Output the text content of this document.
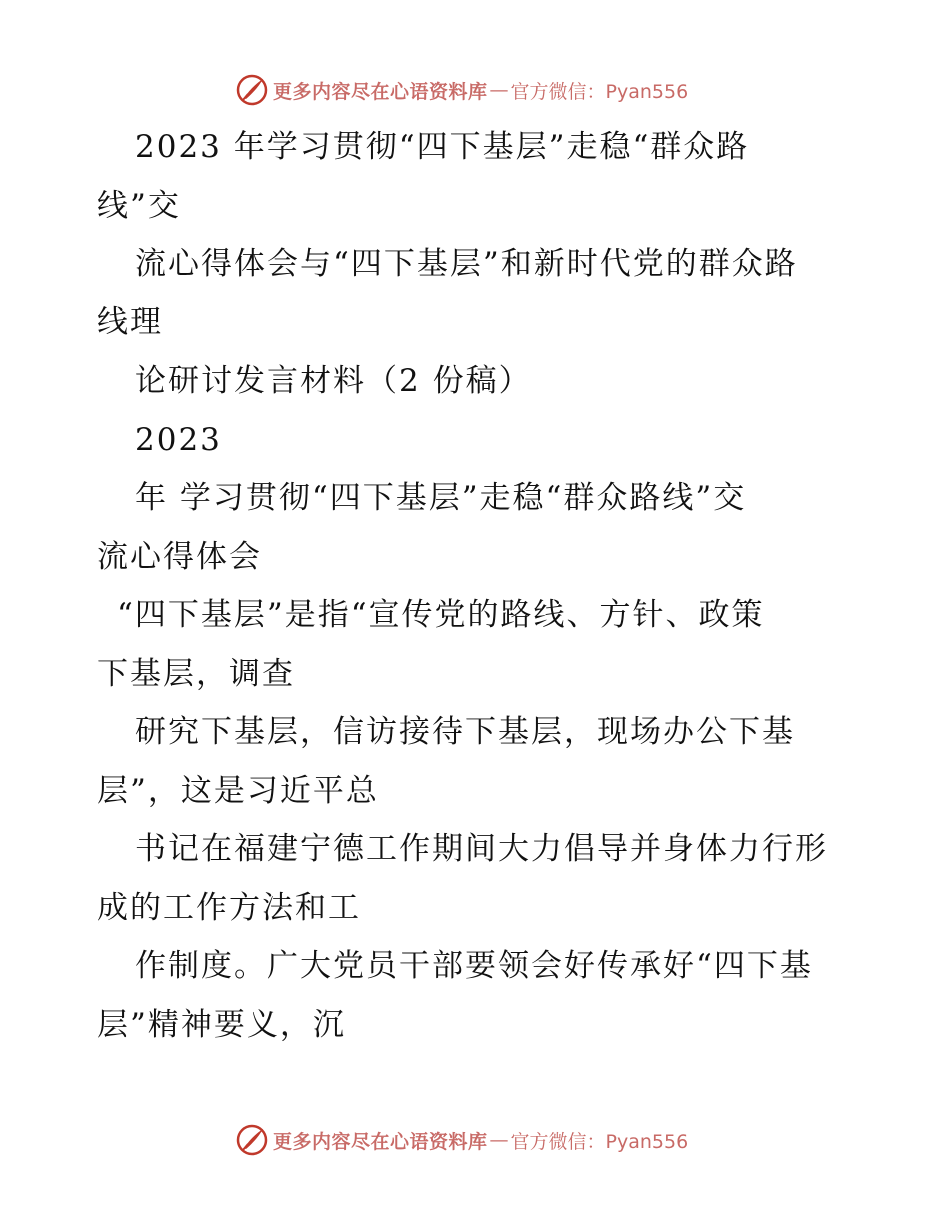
更多内容尽在心语资料库 — 官方微信：Pyan556
2023 年学习贯彻“四下基层”走稳“群众路
线”交
流心得体会与“四下基层”和新时代党的群众路
线理
论研讨发言材料（2 份稿）
2023
年 学习贯彻“四下基层”走稳“群众路线”交
流心得体会
“四下基层”是指“宣传党的路线、方针、政策
下基层，调查
研究下基层，信访接待下基层，现场办公下基
层”，这是习近平总
书记在福建宁德工作期间大力倡导并身体力行形
成的工作方法和工
作制度。广大党员干部要领会好传承好“四下基
层”精神要义，沉
更多内容尽在心语资料库 — 官方微信：Pyan556
